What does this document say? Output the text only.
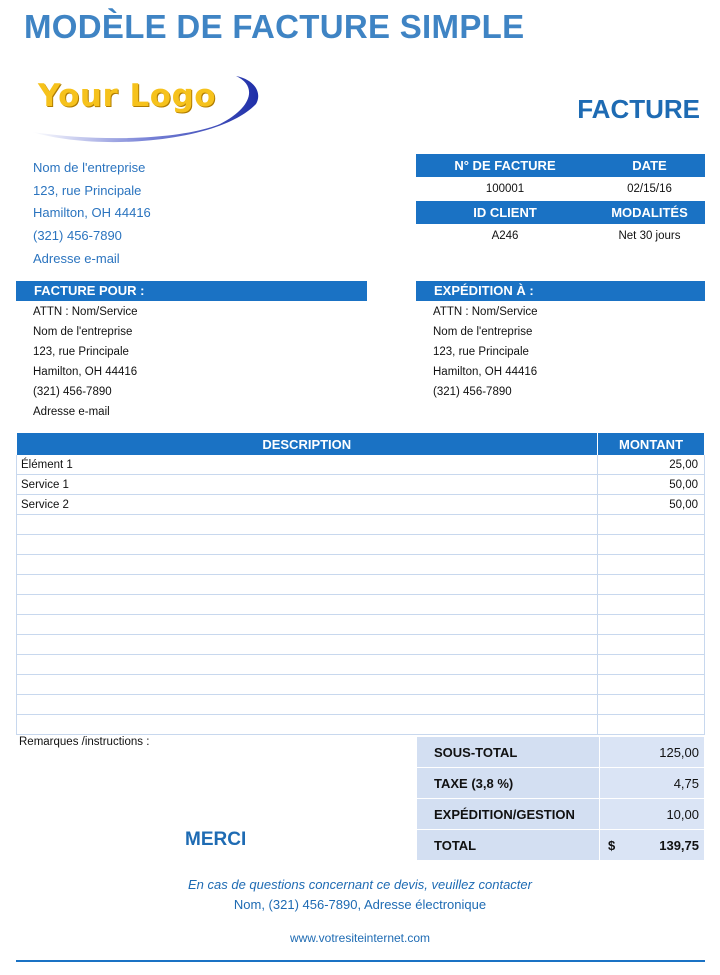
MODÈLE DE FACTURE SIMPLE
Your Logo	FACTURE
Nom de l'entreprise
123, rue Principale
Hamilton, OH 44416
(321) 456-7890
Adresse e-mail
N° DE FACTURE	DATE
100001	02/15/16
ID CLIENT	MODALITÉS
A246	Net 30 jours
FACTURE POUR :
ATTN : Nom/Service
Nom de l'entreprise
123, rue Principale
Hamilton, OH 44416
(321) 456-7890
Adresse e-mail
EXPÉDITION À :
ATTN : Nom/Service
Nom de l'entreprise
123, rue Principale
Hamilton, OH 44416
(321) 456-7890
DESCRIPTION	MONTANT
Élément 1	25,00
Service 1	50,00
Service 2	50,00

Remarques /instructions :
SOUS-TOTAL	125,00
TAXE (3,8 %)	4,75
EXPÉDITION/GESTION	10,00
TOTAL	$ 139,75
MERCI
En cas de questions concernant ce devis, veuillez contacter
Nom, (321) 456-7890, Adresse électronique
www.votresiteinternet.com
